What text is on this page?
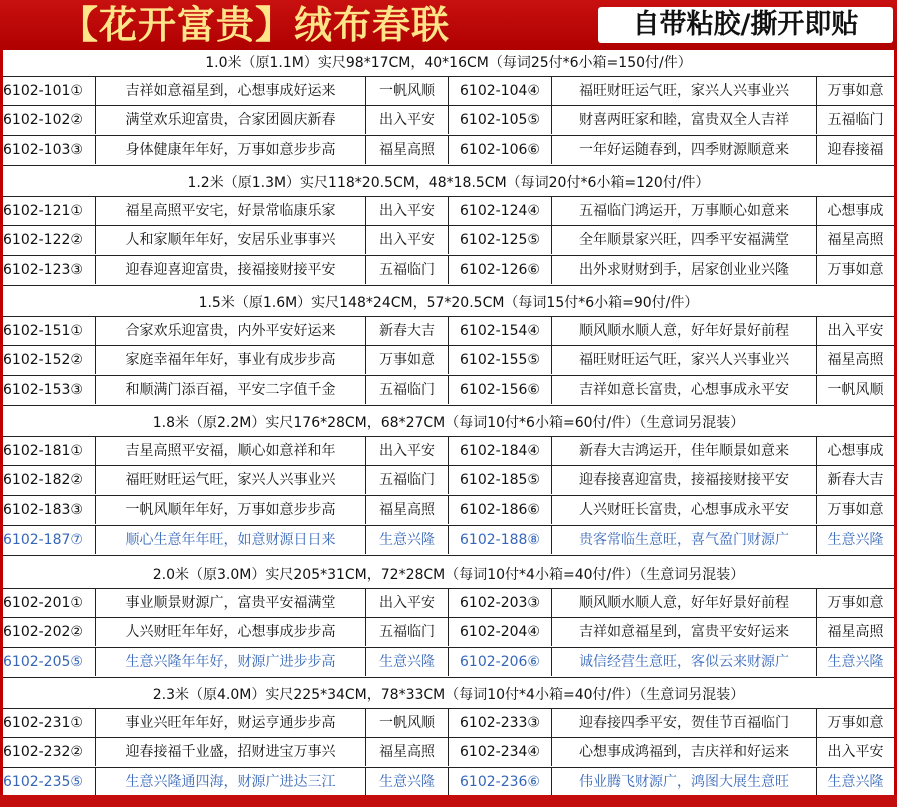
【花开富贵】绒布春联	自带粘胶/撕开即贴
1.0米（原1.1M）实尺98*17CM，40*16CM（每词25付*6小箱=150付/件）
6102-101①	吉祥如意福星到，心想事成好运来	一帆风顺	6102-104④	福旺财旺运气旺，家兴人兴事业兴	万事如意
6102-102②	满堂欢乐迎富贵，合家团圆庆新春	出入平安	6102-105⑤	财喜两旺家和睦，富贵双全人吉祥	五福临门
6102-103③	身体健康年年好，万事如意步步高	福星高照	6102-106⑥	一年好运随春到，四季财源顺意来	迎春接福
1.2米（原1.3M）实尺118*20.5CM，48*18.5CM（每词20付*6小箱=120付/件）
6102-121①	福星高照平安宅，好景常临康乐家	出入平安	6102-124④	五福临门鸿运开，万事顺心如意来	心想事成
6102-122②	人和家顺年年好，安居乐业事事兴	出入平安	6102-125⑤	全年顺景家兴旺，四季平安福满堂	福星高照
6102-123③	迎春迎喜迎富贵，接福接财接平安	五福临门	6102-126⑥	出外求财财到手，居家创业业兴隆	万事如意
1.5米（原1.6M）实尺148*24CM，57*20.5CM（每词15付*6小箱=90付/件）
6102-151①	合家欢乐迎富贵，内外平安好运来	新春大吉	6102-154④	顺风顺水顺人意，好年好景好前程	出入平安
6102-152②	家庭幸福年年好，事业有成步步高	万事如意	6102-155⑤	福旺财旺运气旺，家兴人兴事业兴	福星高照
6102-153③	和顺满门添百福，平安二字值千金	五福临门	6102-156⑥	吉祥如意长富贵，心想事成永平安	一帆风顺
1.8米（原2.2M）实尺176*28CM，68*27CM（每词10付*6小箱=60付/件）（生意词另混装）
6102-181①	吉星高照平安福，顺心如意祥和年	出入平安	6102-184④	新春大吉鸿运开，佳年顺景如意来	心想事成
6102-182②	福旺财旺运气旺，家兴人兴事业兴	五福临门	6102-185⑤	迎春接喜迎富贵，接福接财接平安	新春大吉
6102-183③	一帆风顺年年好，万事如意步步高	福星高照	6102-186⑥	人兴财旺长富贵，心想事成永平安	万事如意
6102-187⑦	顺心生意年年旺，如意财源日日来	生意兴隆	6102-188⑧	贵客常临生意旺，喜气盈门财源广	生意兴隆
2.0米（原3.0M）实尺205*31CM，72*28CM（每词10付*4小箱=40付/件）（生意词另混装）
6102-201①	事业顺景财源广，富贵平安福满堂	出入平安	6102-203③	顺风顺水顺人意，好年好景好前程	万事如意
6102-202②	人兴财旺年年好，心想事成步步高	五福临门	6102-204④	吉祥如意福星到，富贵平安好运来	福星高照
6102-205⑤	生意兴隆年年好，财源广进步步高	生意兴隆	6102-206⑥	诚信经营生意旺，客似云来财源广	生意兴隆
2.3米（原4.0M）实尺225*34CM，78*33CM（每词10付*4小箱=40付/件）（生意词另混装）
6102-231①	事业兴旺年年好，财运亨通步步高	一帆风顺	6102-233③	迎春接四季平安，贺佳节百福临门	万事如意
6102-232②	迎春接福千业盛，招财进宝万事兴	福星高照	6102-234④	心想事成鸿福到，吉庆祥和好运来	出入平安
6102-235⑤	生意兴隆通四海，财源广进达三江	生意兴隆	6102-236⑥	伟业腾飞财源广，鸿图大展生意旺	生意兴隆
